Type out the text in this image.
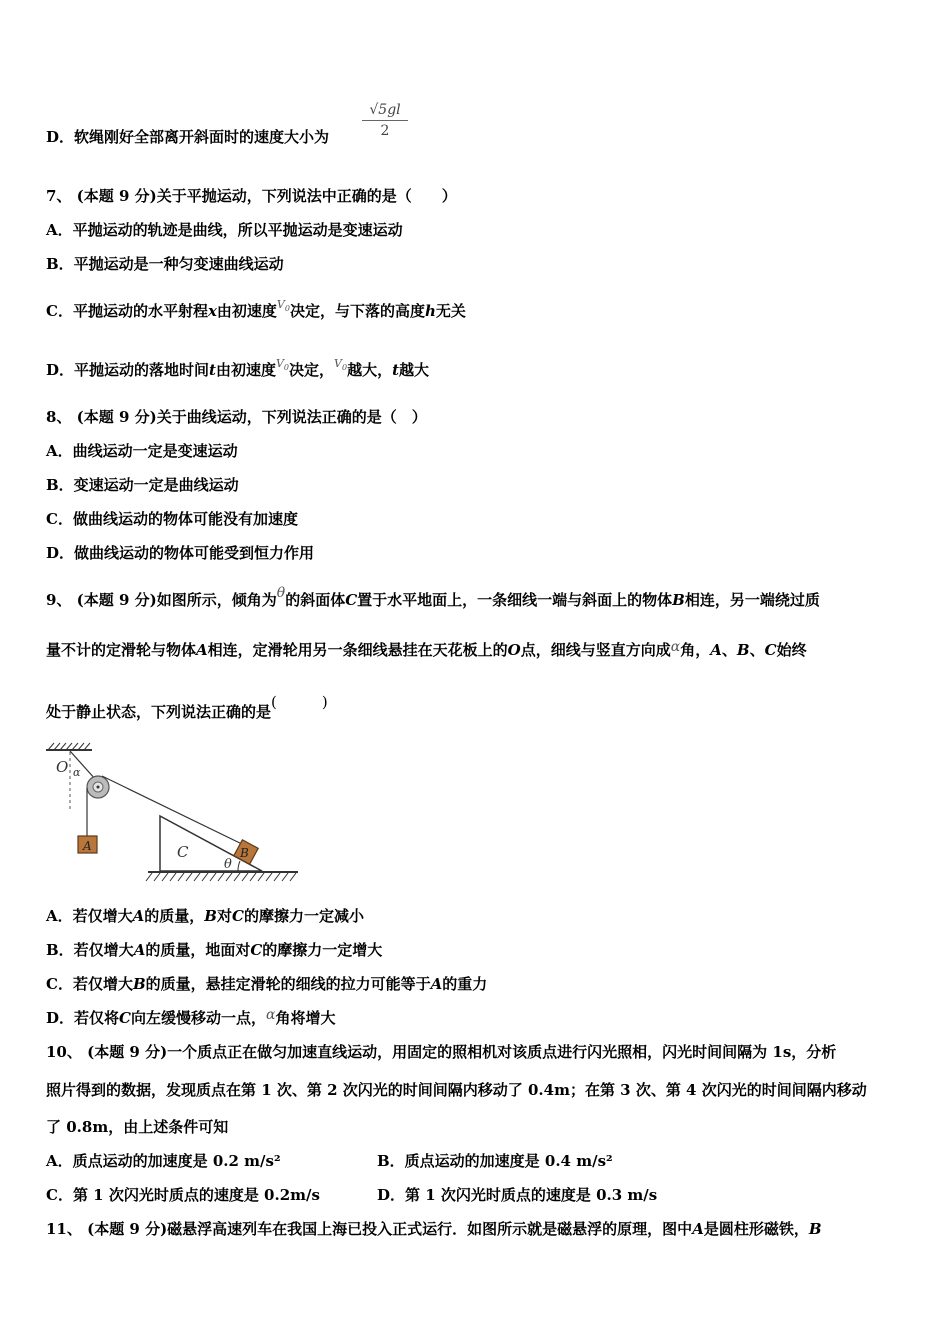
D．软绳刚好全部离开斜面时的速度大小为 $\frac{√5gl}{2}$
7、 (本题 9 分)关于平抛运动，下列说法中正确的是（　　）
A．平抛运动的轨迹是曲线，所以平抛运动是变速运动
B．平抛运动是一种匀变速曲线运动
C．平抛运动的水平射程x由初速度$^{V_0}$决定，与下落的高度h无关
D．平抛运动的落地时间t由初速度$^{V_0}$决定，$^{V_0}$越大，t越大
8、 (本题 9 分)关于曲线运动，下列说法正确的是（　）
A．曲线运动一定是变速运动
B．变速运动一定是曲线运动
C．做曲线运动的物体可能没有加速度
D．做曲线运动的物体可能受到恒力作用
9、 (本题 9 分)如图所示，倾角为θ的斜面体C置于水平地面上，一条细线一端与斜面上的物体B相连，另一端绕过质
量不计的定滑轮与物体A相连，定滑轮用另一条细线悬挂在天花板上的O点，细线与竖直方向成α角，A、B、C始终
处于静止状态，下列说法正确的是(　　　)
O α
A	C
θ
B
A．若仅增大A的质量，B对C的摩擦力一定减小
B．若仅增大A的质量，地面对C的摩擦力一定增大
C．若仅增大B的质量，悬挂定滑轮的细线的拉力可能等于A的重力
D．若仅将C向左缓慢移动一点，α角将增大
10、 (本题 9 分)一个质点正在做匀加速直线运动，用固定的照相机对该质点进行闪光照相，闪光时间间隔为 1s，分析
照片得到的数据，发现质点在第 1 次、第 2 次闪光的时间间隔内移动了 0.4m；在第 3 次、第 4 次闪光的时间间隔内移动
了 0.8m，由上述条件可知
A．质点运动的加速度是 0.2 m/s²	B．质点运动的加速度是 0.4 m/s²
C．第 1 次闪光时质点的速度是 0.2m/s	D．第 1 次闪光时质点的速度是 0.3 m/s
11、 (本题 9 分)磁悬浮高速列车在我国上海已投入正式运行．如图所示就是磁悬浮的原理，图中A是圆柱形磁铁，B
